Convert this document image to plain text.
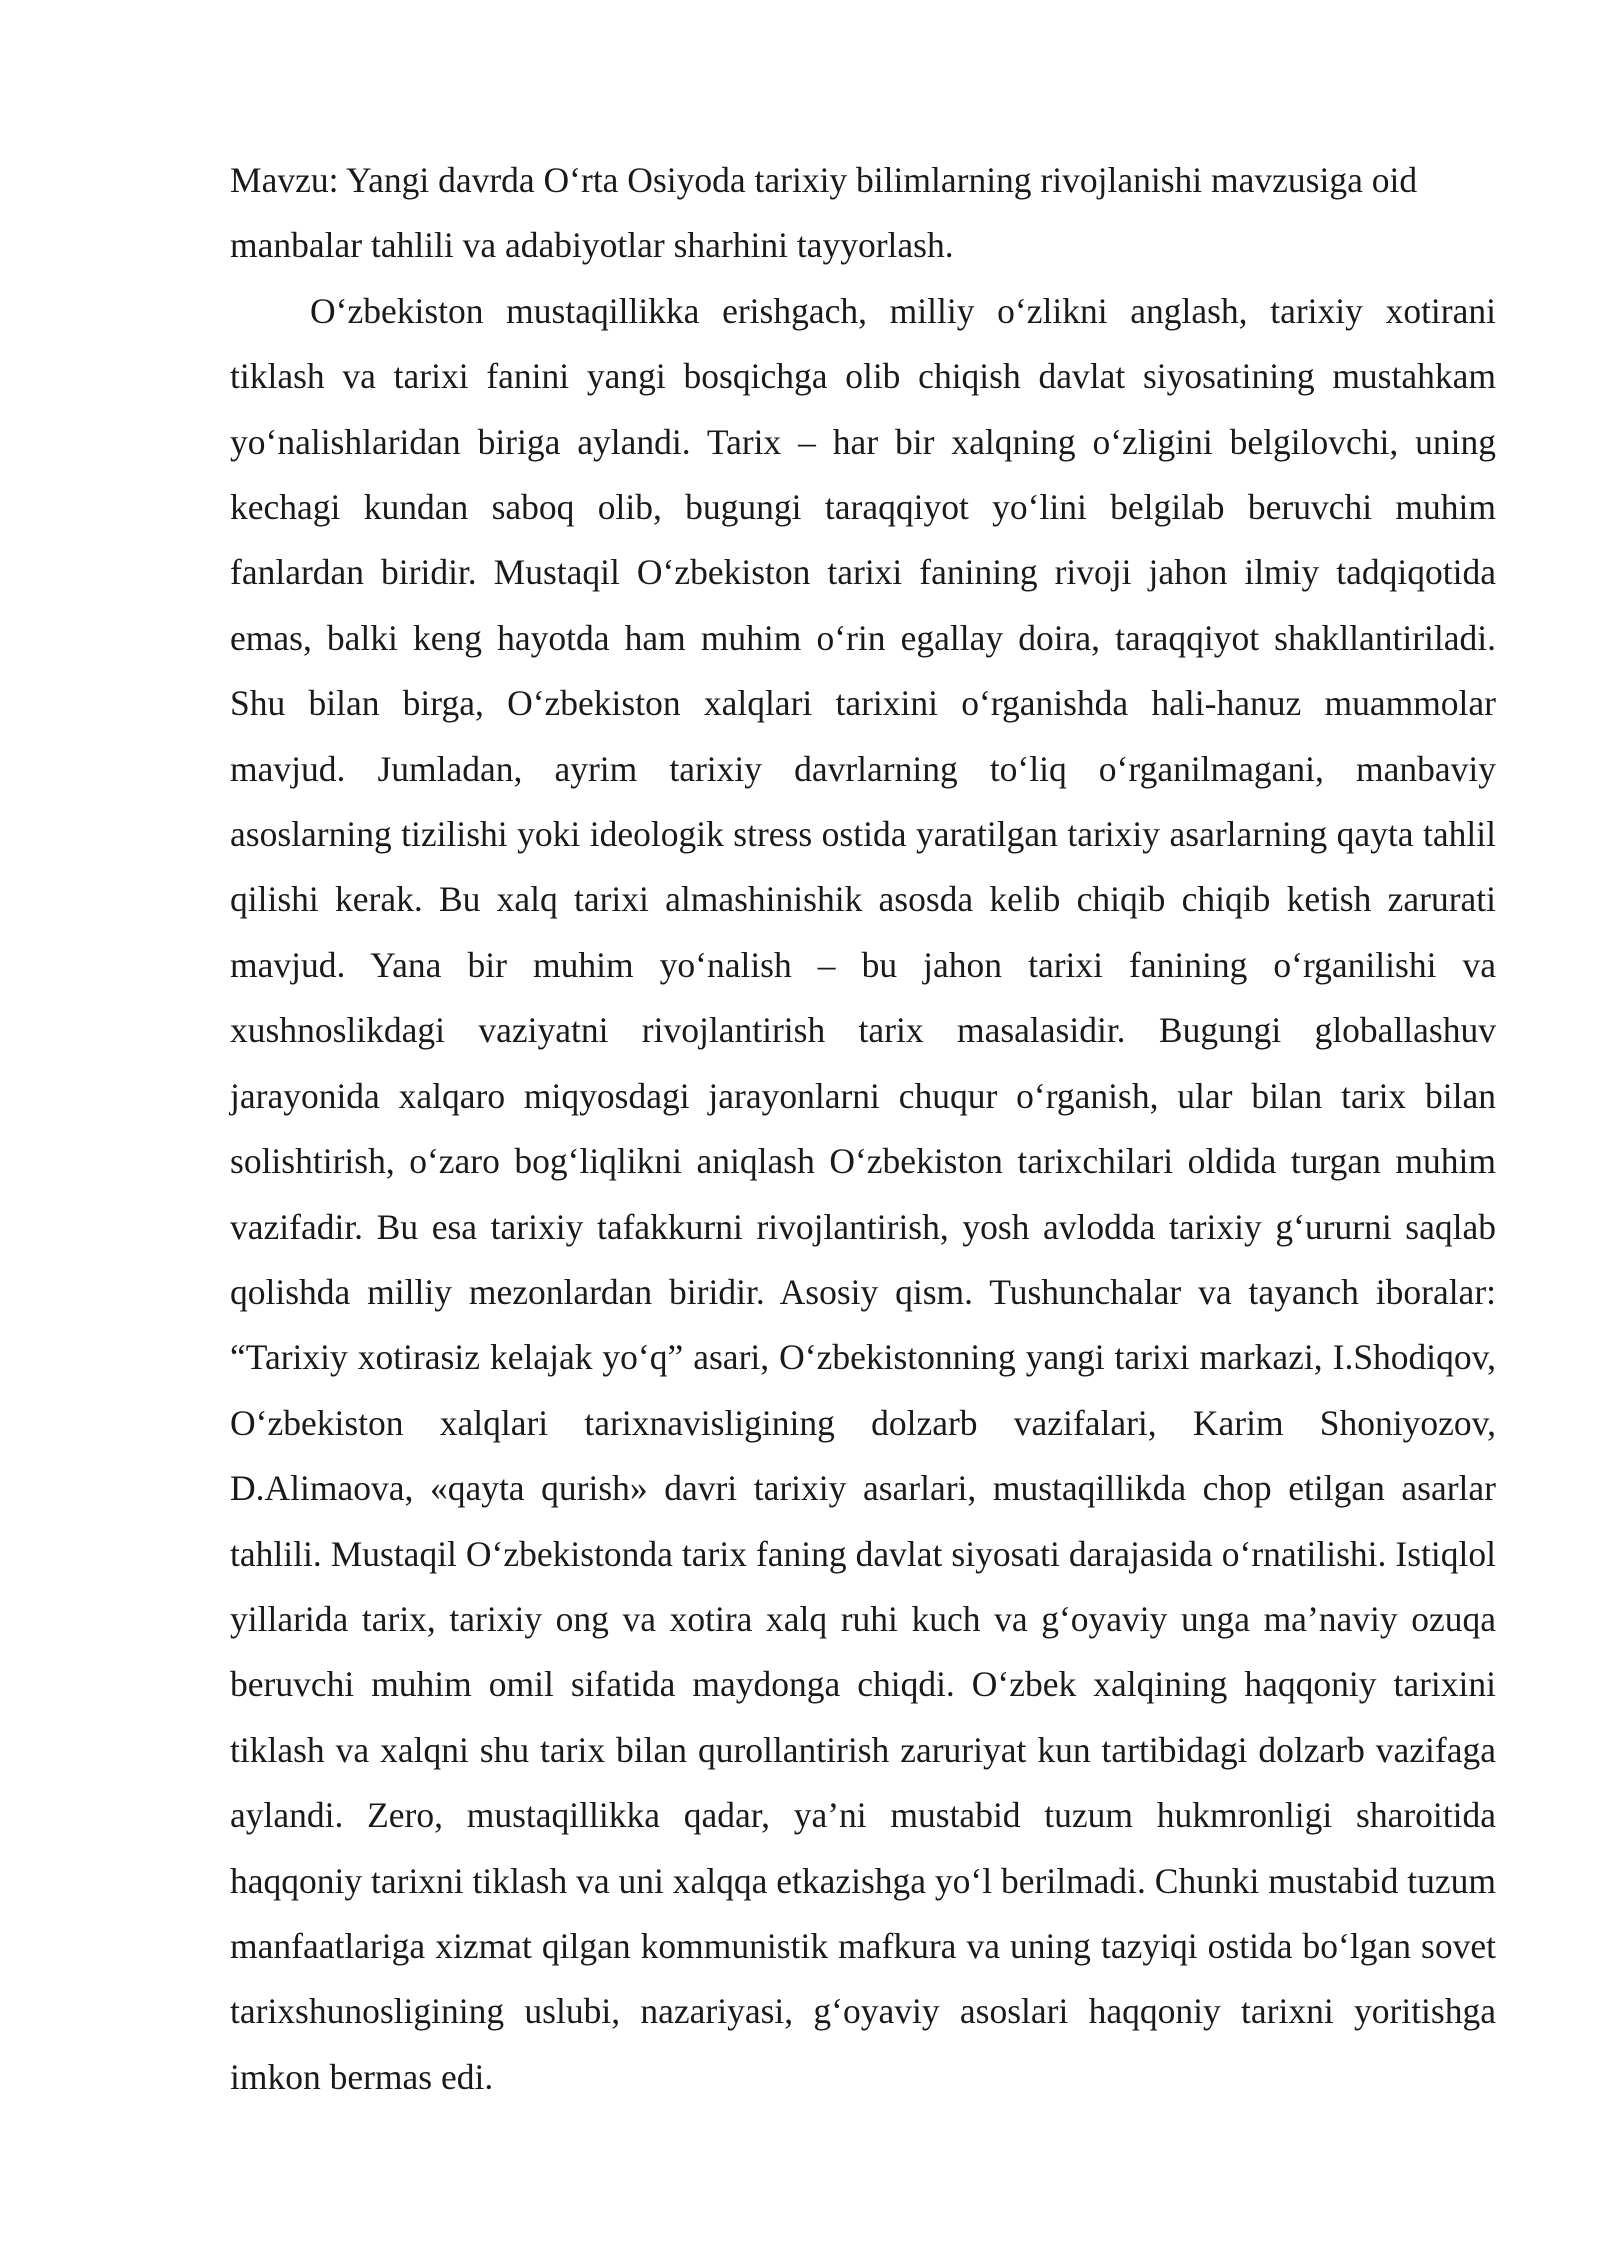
Mavzu: Yangi davrda O‘rta Osiyoda tarixiy bilimlarning rivojlanishi mavzusiga oid manbalar tahlili va adabiyotlar sharhini tayyorlash.

O‘zbekiston mustaqillikka erishgach, milliy o‘zlikni anglash, tarixiy xotirani tiklash va tarixi fanini yangi bosqichga olib chiqish davlat siyosatining mustahkam yo‘nalishlaridan biriga aylandi. Tarix – har bir xalqning o‘zligini belgilovchi, uning kechagi kundan saboq olib, bugungi taraqqiyot yo‘lini belgilab beruvchi muhim fanlardan biridir. Mustaqil O‘zbekiston tarixi fanining rivoji jahon ilmiy tadqiqotida emas, balki keng hayotda ham muhim o‘rin egallay doira, taraqqiyot shakllantiriladi. Shu bilan birga, O‘zbekiston xalqlari tarixini o‘rganishda hali-hanuz muammolar mavjud. Jumladan, ayrim tarixiy davrlarning to‘liq o‘rganilmagani, manbaviy asoslarning tizilishi yoki ideologik stress ostida yaratilgan tarixiy asarlarning qayta tahlil qilishi kerak. Bu xalq tarixi almashinishik asosda kelib chiqib chiqib ketish zarurati mavjud. Yana bir muhim yo‘nalish – bu jahon tarixi fanining o‘rganilishi va xushnoslikdagi vaziyatni rivojlantirish tarix masalasidir. Bugungi globallashuv jarayonida xalqaro miqyosdagi jarayonlarni chuqur o‘rganish, ular bilan tarix bilan solishtirish, o‘zaro bog‘liqlikni aniqlash O‘zbekiston tarixchilari oldida turgan muhim vazifadir. Bu esa tarixiy tafakkurni rivojlantirish, yosh avlodda tarixiy g‘ururni saqlab qolishda milliy mezonlardan biridir. Asosiy qism. Tushunchalar va tayanch iboralar: “Tarixiy xotirasiz kelajak yo‘q” asari, O‘zbekistonning yangi tarixi markazi, I.Shodiqov, O‘zbekiston xalqlari tarixnavisligining dolzarb vazifalari, Karim Shoniyozov, D.Alimaova, «qayta qurish» davri tarixiy asarlari, mustaqillikda chop etilgan asarlar tahlili. Mustaqil O‘zbekistonda tarix faning davlat siyosati darajasida o‘rnatilishi. Istiqlol yillarida tarix, tarixiy ong va xotira xalq ruhi kuch va g‘oyaviy unga ma’naviy ozuqa beruvchi muhim omil sifatida maydonga chiqdi. O‘zbek xalqining haqqoniy tarixini tiklash va xalqni shu tarix bilan qurollantirish zaruriyat kun tartibidagi dolzarb vazifaga aylandi. Zero, mustaqillikka qadar, ya’ni mustabid tuzum hukmronligi sharoitida haqqoniy tarixni tiklash va uni xalqqa etkazishga yo‘l berilmadi. Chunki mustabid tuzum manfaatlariga xizmat qilgan kommunistik mafkura va uning tazyiqi ostida bo‘lgan sovet tarixshunosligining uslubi, nazariyasi, g‘oyaviy asoslari haqqoniy tarixni yoritishga imkon bermas edi.
